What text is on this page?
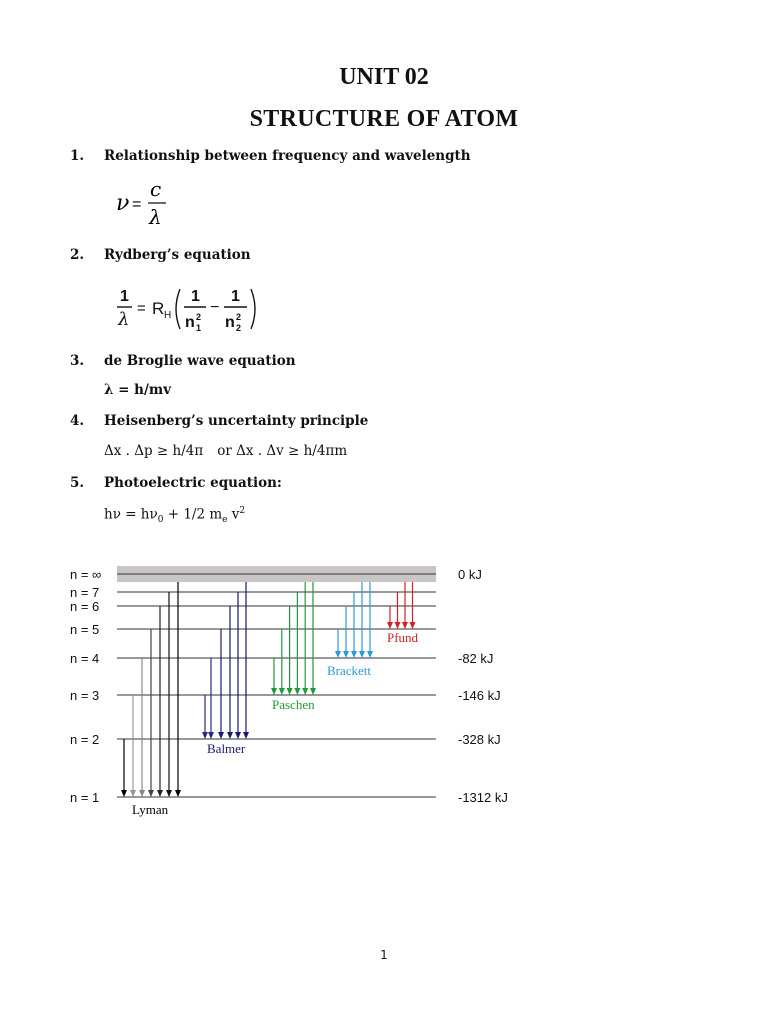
UNIT 02
STRUCTURE OF ATOM
1. Relationship between frequency and wavelength
ν =
c
λ
2. Rydberg’s equation
1
λ
= R H
1
n 2
1
−
1
n 2
2
3. de Broglie wave equation
λ = h/mv
4. Heisenberg’s uncertainty principle
Δx . Δp ≥ h/4π or Δx . Δv ≥ h/4πm
5. Photoelectric equation:
$h\nu = h\nu_0 + 1/2$ $m_e$ $v^2$
n = ∞	0 kJ
n = 7
n = 6
n = 5
n = 4	-82 kJ
n = 3	-146 kJ
n = 2	-328 kJ
n = 1	-1312 kJ
Lyman
Balmer
Paschen
Brackett
Pfund
1
